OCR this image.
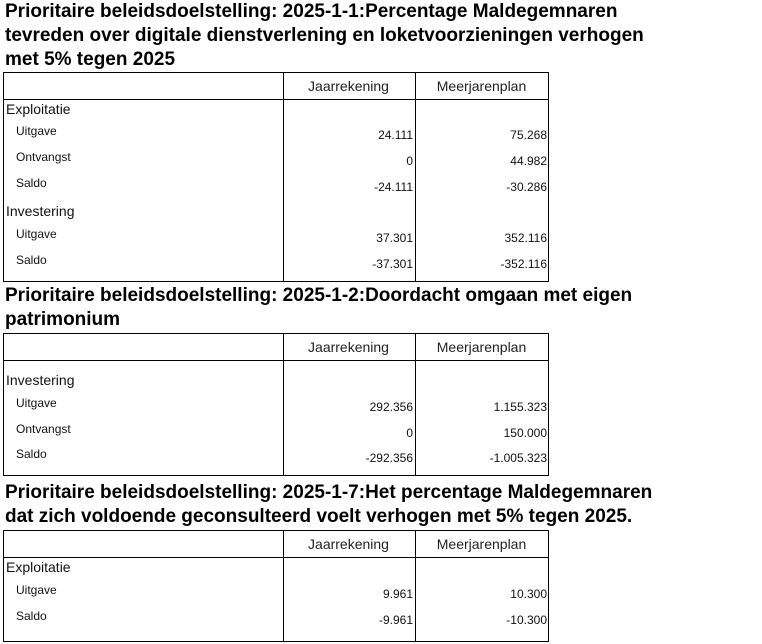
Prioritaire beleidsdoelstelling: 2025-1-1:Percentage Maldegemnaren
tevreden over digitale dienstverlening en loketvoorzieningen verhogen
met 5% tegen 2025
Jaarrekening	Meerjarenplan
Exploitatie
Uitgave	24.111	75.268
Ontvangst	0	44.982
Saldo	-24.111	-30.286
Investering
Uitgave	37.301	352.116
Saldo	-37.301	-352.116
Prioritaire beleidsdoelstelling: 2025-1-2:Doordacht omgaan met eigen
patrimonium
Jaarrekening	Meerjarenplan
Investering
Uitgave	292.356	1.155.323
Ontvangst	0	150.000
Saldo	-292.356	-1.005.323
Prioritaire beleidsdoelstelling: 2025-1-7:Het percentage Maldegemnaren
dat zich voldoende geconsulteerd voelt verhogen met 5% tegen 2025.
Jaarrekening	Meerjarenplan
Exploitatie
Uitgave	9.961	10.300
Saldo	-9.961	-10.300
